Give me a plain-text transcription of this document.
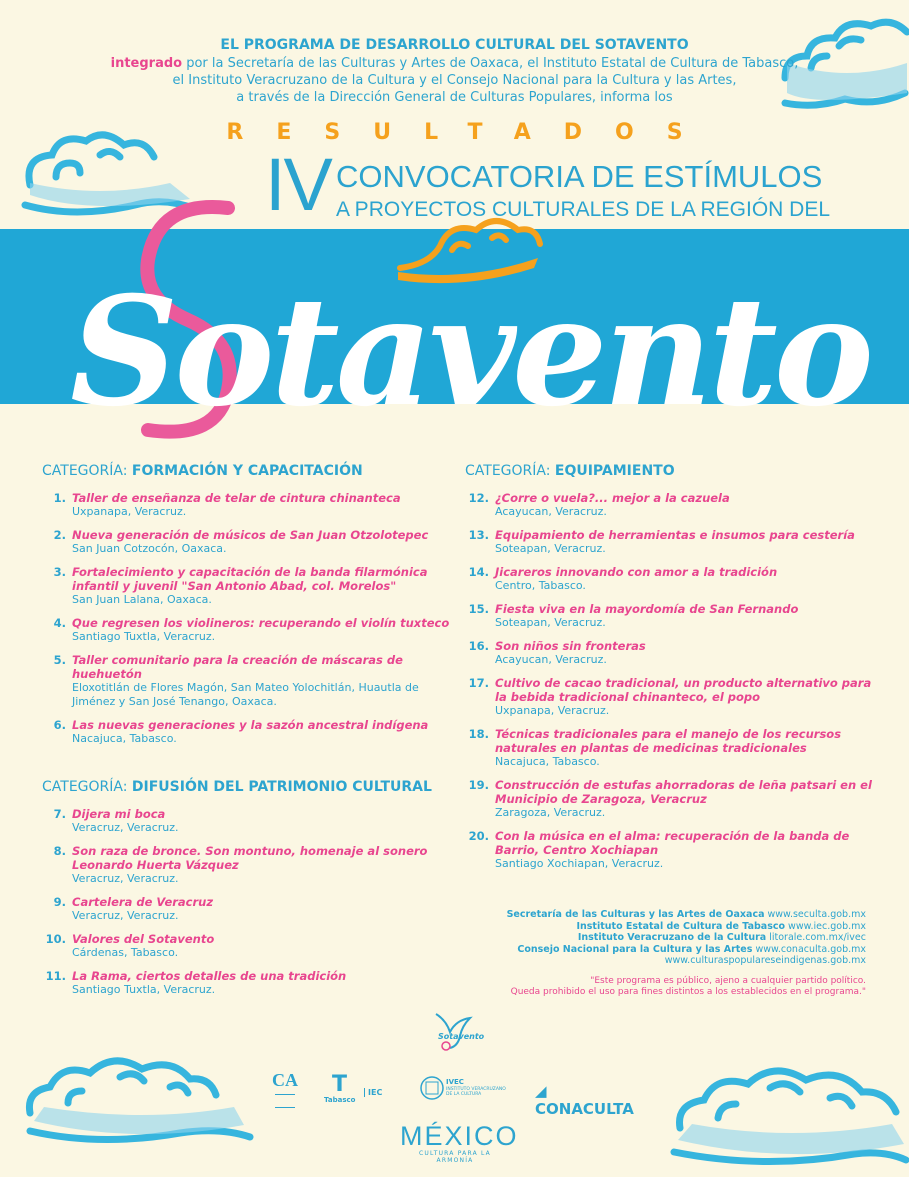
EL PROGRAMA DE DESARROLLO CULTURAL DEL SOTAVENTO
integrado por la Secretaría de las Culturas y Artes de Oaxaca, el Instituto Estatal de Cultura de Tabasco,
el Instituto Veracruzano de la Cultura y el Consejo Nacional para la Cultura y las Artes,
a través de la Dirección General de Culturas Populares, informa los
RESULTADOS
IV CONVOCATORIA DE ESTÍMULOS
A PROYECTOS CULTURALES DE LA REGIÓN DEL
Sotavento
CATEGORÍA: FORMACIÓN Y CAPACITACIÓN
1. Taller de enseñanza de telar de cintura chinanteca
Uxpanapa, Veracruz.
2. Nueva generación de músicos de San Juan Otzolotepec
San Juan Cotzocón, Oaxaca.
3. Fortalecimiento y capacitación de la banda filarmónica infantil y juvenil "San Antonio Abad, col. Morelos"
San Juan Lalana, Oaxaca.
4. Que regresen los violineros: recuperando el violín tuxteco
Santiago Tuxtla, Veracruz.
5. Taller comunitario para la creación de máscaras de huehuetón
Eloxotitlán de Flores Magón, San Mateo Yolochitlán, Huautla de Jiménez y San José Tenango, Oaxaca.
6. Las nuevas generaciones y la sazón ancestral indígena
Nacajuca, Tabasco.
CATEGORÍA: DIFUSIÓN DEL PATRIMONIO CULTURAL
7. Dijera mi boca
Veracruz, Veracruz.
8. Son raza de bronce. Son montuno, homenaje al sonero Leonardo Huerta Vázquez
Veracruz, Veracruz.
9. Cartelera de Veracruz
Veracruz, Veracruz.
10. Valores del Sotavento
Cárdenas, Tabasco.
11. La Rama, ciertos detalles de una tradición
Santiago Tuxtla, Veracruz.
CATEGORÍA: EQUIPAMIENTO
12. ¿Corre o vuela?... mejor a la cazuela
Acayucan, Veracruz.
13. Equipamiento de herramientas e insumos para cestería
Soteapan, Veracruz.
14. Jicareros innovando con amor a la tradición
Centro, Tabasco.
15. Fiesta viva en la mayordomía de San Fernando
Soteapan, Veracruz.
16. Son niños sin fronteras
Acayucan, Veracruz.
17. Cultivo de cacao tradicional, un producto alternativo para la bebida tradicional chinanteco, el popo
Uxpanapa, Veracruz.
18. Técnicas tradicionales para el manejo de los recursos naturales en plantas de medicinas tradicionales
Nacajuca, Tabasco.
19. Construcción de estufas ahorradoras de leña patsari en el Municipio de Zaragoza, Veracruz
Zaragoza, Veracruz.
20. Con la música en el alma: recuperación de la banda de Barrio, Centro Xochiapan
Santiago Xochiapan, Veracruz.
Secretaría de las Culturas y las Artes de Oaxaca www.seculta.gob.mx
Instituto Estatal de Cultura de Tabasco www.iec.gob.mx
Instituto Veracruzano de la Cultura litorale.com.mx/ivec
Consejo Nacional para la Cultura y las Artes www.conaculta.gob.mx
www.culturaspopulareseindigenas.gob.mx
"Este programa es público, ajeno a cualquier partido político.
Queda prohibido el uso para fines distintos a los establecidos en el programa."
Sotavento
CA T
Tabasco
IEC
IVEC
INSTITUTO VERACRUZANO DE LA CULTURA	◢ CONACULTA
MÉXICO
CULTURA PARA LA ARMONÍA
